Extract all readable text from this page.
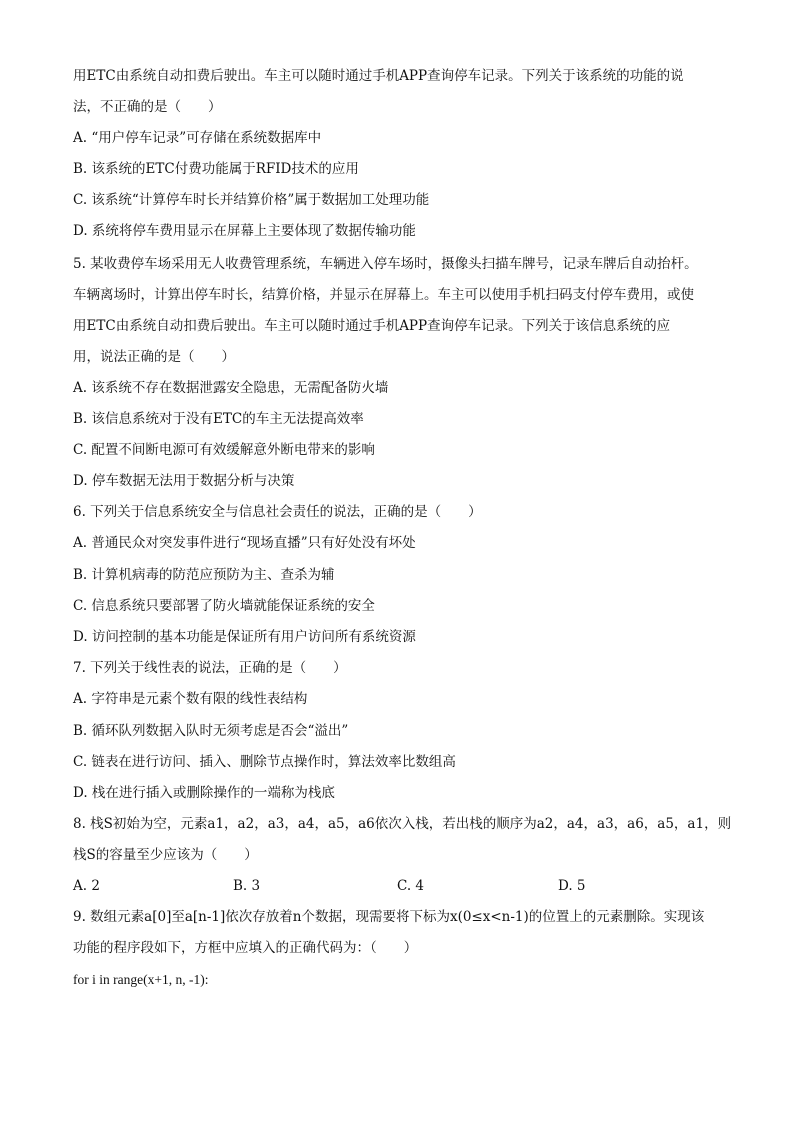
用ETC由系统自动扣费后驶出。车主可以随时通过手机APP查询停车记录。下列关于该系统的功能的说
法，不正确的是（　　）
A. “用户停车记录”可存储在系统数据库中
B. 该系统的ETC付费功能属于RFID技术的应用
C. 该系统“计算停车时长并结算价格”属于数据加工处理功能
D. 系统将停车费用显示在屏幕上主要体现了数据传输功能
5. 某收费停车场采用无人收费管理系统，车辆进入停车场时，摄像头扫描车牌号，记录车牌后自动抬杆。
车辆离场时，计算出停车时长，结算价格，并显示在屏幕上。车主可以使用手机扫码支付停车费用，或使
用ETC由系统自动扣费后驶出。车主可以随时通过手机APP查询停车记录。下列关于该信息系统的应
用，说法正确的是（　　）
A. 该系统不存在数据泄露安全隐患，无需配备防火墙
B. 该信息系统对于没有ETC的车主无法提高效率
C. 配置不间断电源可有效缓解意外断电带来的影响
D. 停车数据无法用于数据分析与决策
6. 下列关于信息系统安全与信息社会责任的说法，正确的是（　　）
A. 普通民众对突发事件进行“现场直播”只有好处没有坏处
B. 计算机病毒的防范应预防为主、查杀为辅
C. 信息系统只要部署了防火墙就能保证系统的安全
D. 访问控制的基本功能是保证所有用户访问所有系统资源
7. 下列关于线性表的说法，正确的是（　　）
A. 字符串是元素个数有限的线性表结构
B. 循环队列数据入队时无须考虑是否会“溢出”
C. 链表在进行访问、插入、删除节点操作时，算法效率比数组高
D. 栈在进行插入或删除操作的一端称为栈底
8. 栈S初始为空，元素a1，a2，a3，a4，a5，a6依次入栈，若出栈的顺序为a2，a4，a3，a6，a5，a1，则
栈S的容量至少应该为（　　）
A. 2	B. 3	C. 4	D. 5
9. 数组元素a[0]至a[n-1]依次存放着n个数据，现需要将下标为x(0≤x<n-1)的位置上的元素删除。实现该
功能的程序段如下，方框中应填入的正确代码为：（　　）
for i in range(x+1, n, -1):
